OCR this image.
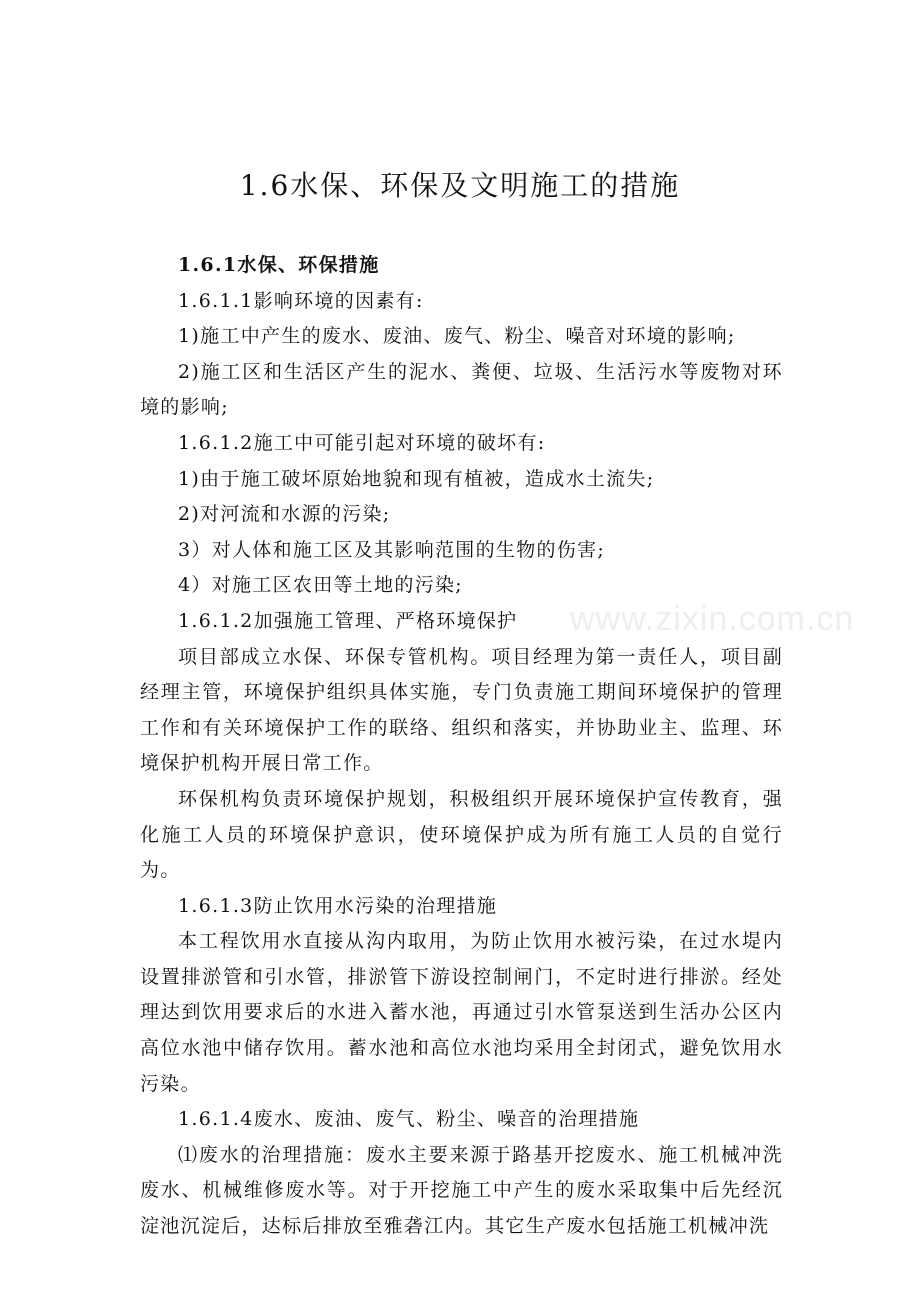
www.zixin.com.cn
1.6水保、环保及文明施工的措施

1.6.1水保、环保措施

1.6.1.1影响环境的因素有:

1)施工中产生的废水、废油、废气、粉尘、噪音对环境的影响;

2)施工区和生活区产生的泥水、粪便、垃圾、生活污水等废物对环境的影响;

1.6.1.2施工中可能引起对环境的破坏有:

1)由于施工破坏原始地貌和现有植被，造成水土流失;

2)对河流和水源的污染;

3）对人体和施工区及其影响范围的生物的伤害;

4）对施工区农田等土地的污染;

1.6.1.2加强施工管理、严格环境保护

项目部成立水保、环保专管机构。项目经理为第一责任人，项目副经理主管，环境保护组织具体实施，专门负责施工期间环境保护的管理工作和有关环境保护工作的联络、组织和落实，并协助业主、监理、环境保护机构开展日常工作。

环保机构负责环境保护规划，积极组织开展环境保护宣传教育，强化施工人员的环境保护意识，使环境保护成为所有施工人员的自觉行为。

1.6.1.3防止饮用水污染的治理措施

本工程饮用水直接从沟内取用，为防止饮用水被污染，在过水堤内设置排淤管和引水管，排淤管下游设控制闸门，不定时进行排淤。经处理达到饮用要求后的水进入蓄水池，再通过引水管泵送到生活办公区内高位水池中储存饮用。蓄水池和高位水池均采用全封闭式，避免饮用水污染。

1.6.1.4废水、废油、废气、粉尘、噪音的治理措施

⑴废水的治理措施：废水主要来源于路基开挖废水、施工机械冲洗废水、机械维修废水等。对于开挖施工中产生的废水采取集中后先经沉淀池沉淀后，达标后排放至雅砻江内。其它生产废水包括施工机械冲洗
